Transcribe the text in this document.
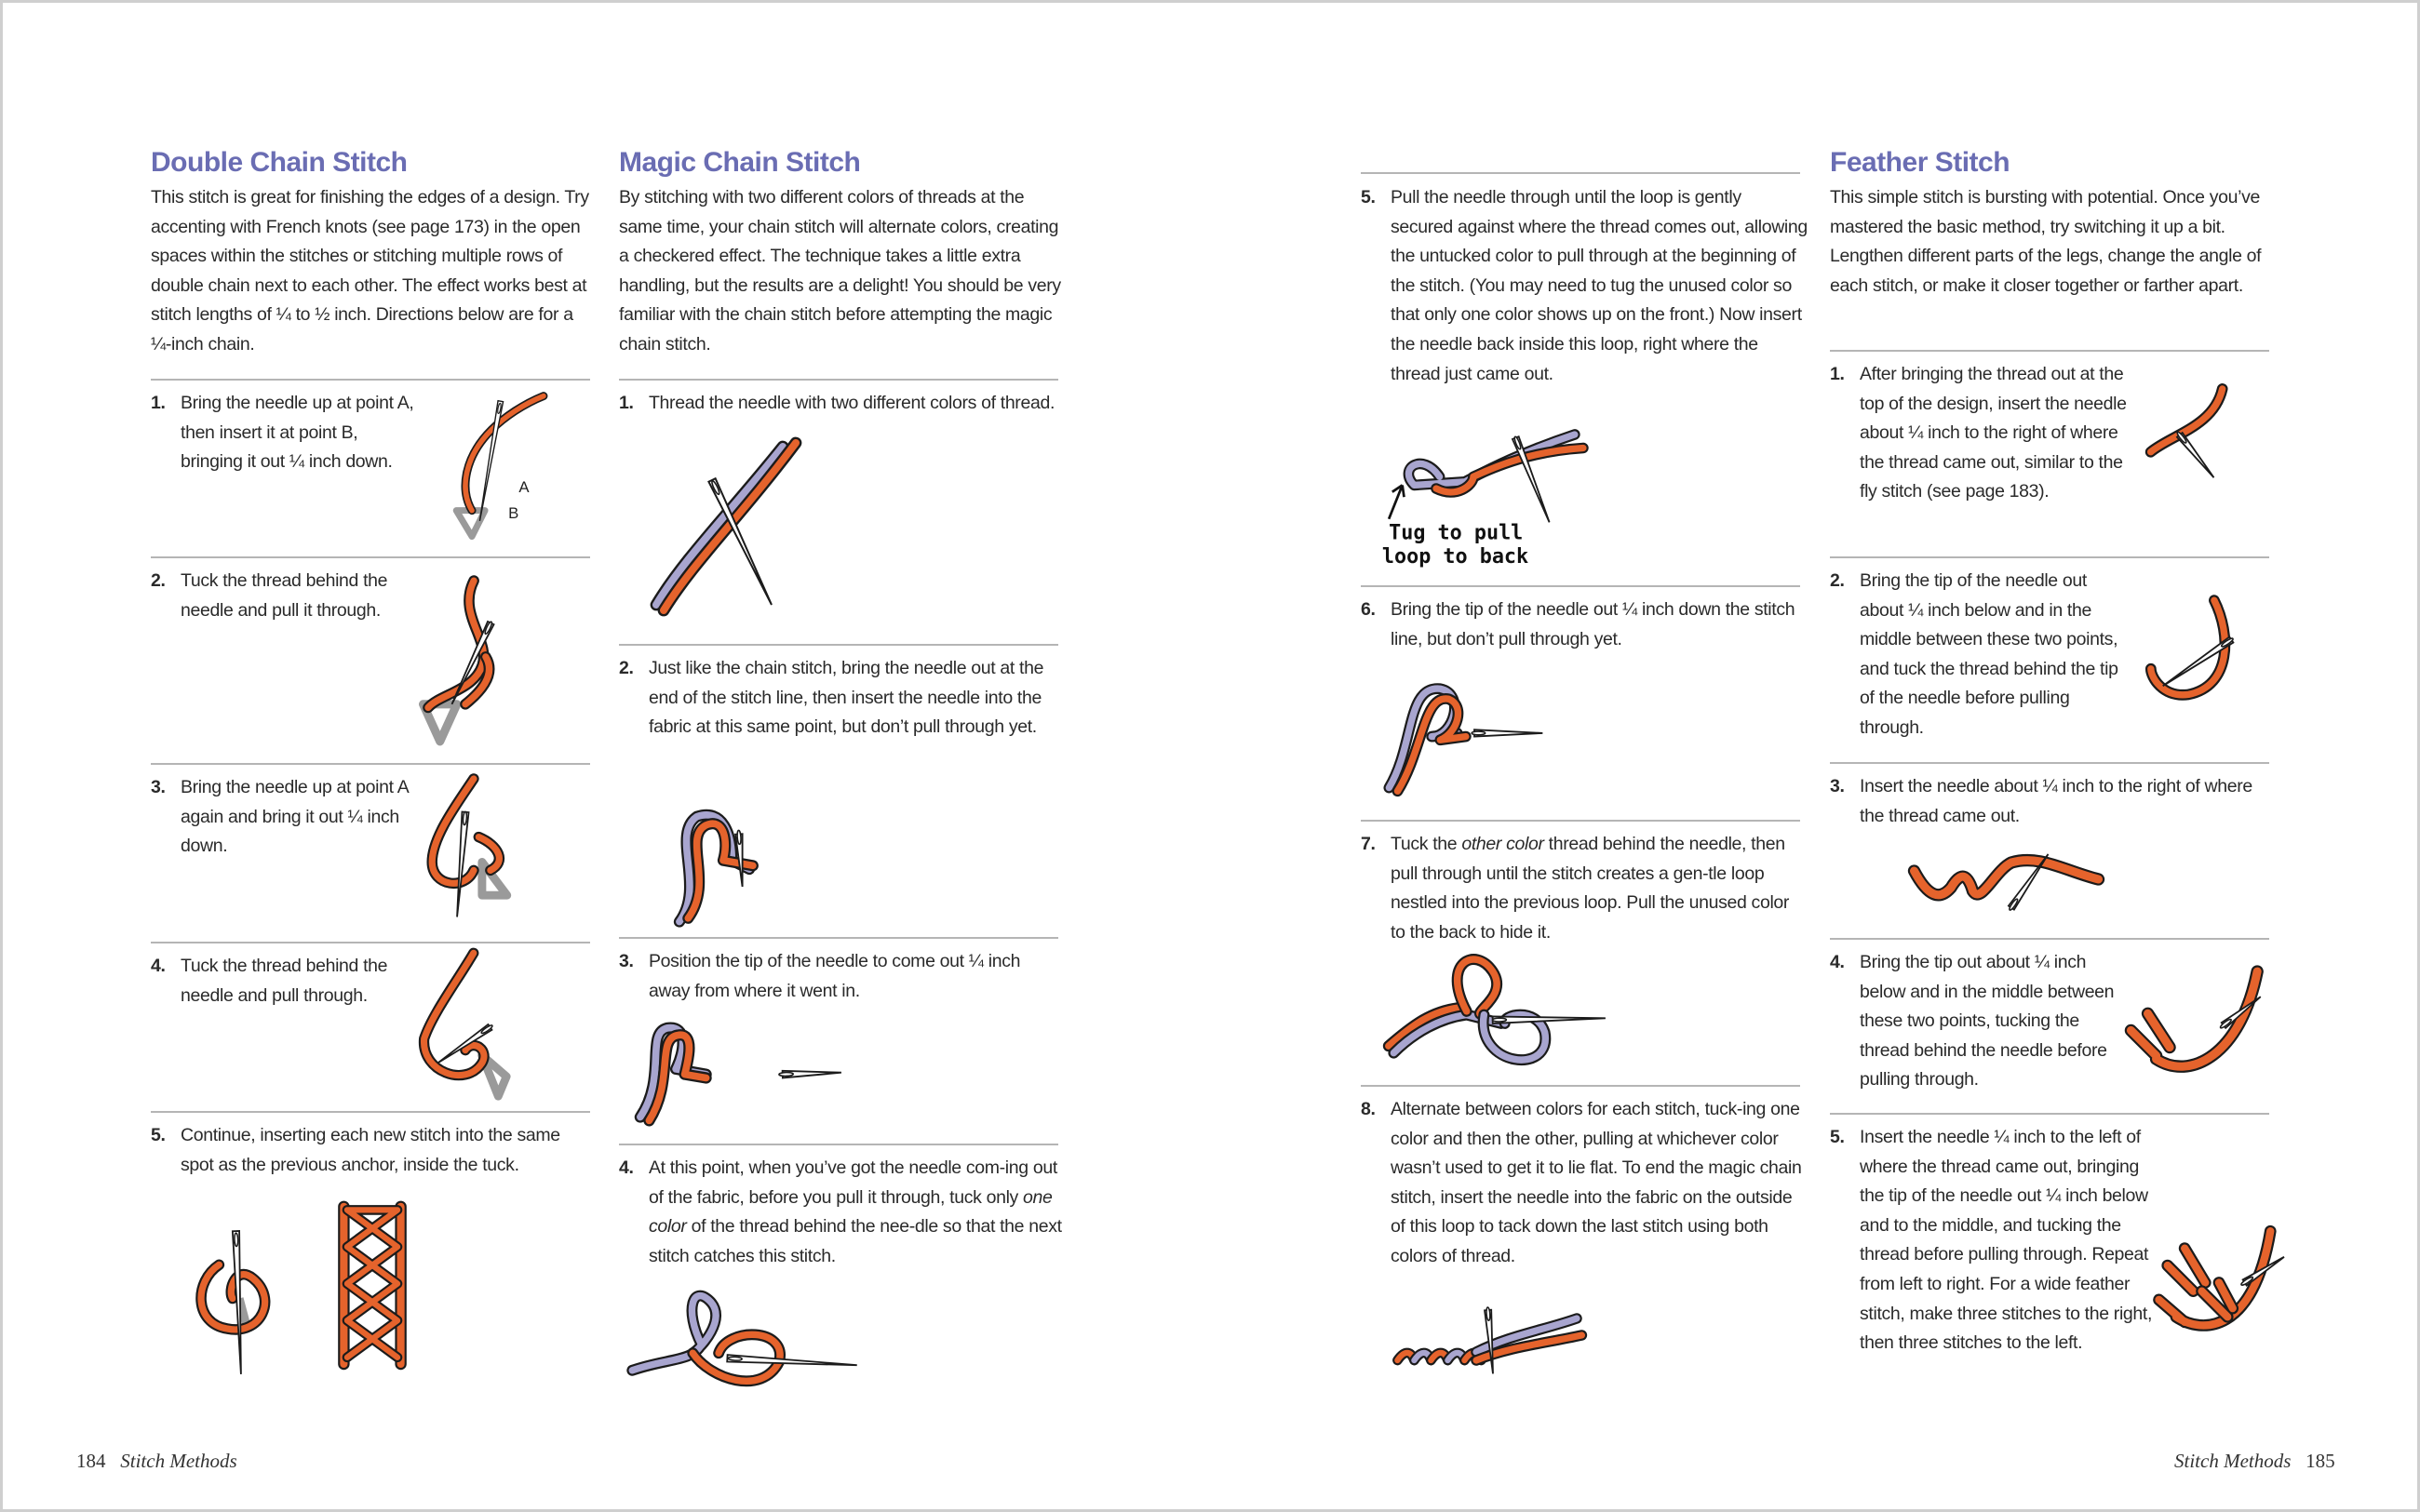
Double Chain Stitch

This stitch is great for finishing the edges of a design. Try accenting with French knots (see page 173) in the open spaces within the stitches or stitching multiple rows of double chain next to each other. The effect works best at stitch lengths of ¼ to ½ inch. Directions below are for a ¼-inch chain.

1. Bring the needle up at point A, then insert it at point B, bringing it out ¼ inch down.
A
B
2. Tuck the thread behind the needle and pull it through.
3. Bring the needle up at point A again and bring it out ¼ inch down.
4. Tuck the thread behind the needle and pull through.
5. Continue, inserting each new stitch into the same spot as the previous anchor, inside the tuck.
Magic Chain Stitch

By stitching with two different colors of threads at the same time, your chain stitch will alternate colors, creating a checkered effect. The technique takes a little extra handling, but the results are a delight! You should be very familiar with the chain stitch before attempting the magic chain stitch.

1. Thread the needle with two different colors of thread.
2. Just like the chain stitch, bring the needle out at the end of the stitch line, then insert the needle into the fabric at this same point, but don’t pull through yet.
3. Position the tip of the needle to come out ¼ inch away from where it went in.
4. At this point, when you’ve got the needle com-ing out of the fabric, before you pull it through, tuck only one color of the thread behind the nee-dle so that the next stitch catches this stitch.
184 Stitch Methods
5. Pull the needle through until the loop is gently secured against where the thread comes out, allowing the untucked color to pull through at the beginning of the stitch. (You may need to tug the unused color so that only one color shows up on the front.) Now insert the needle back inside this loop, right where the thread just came out.
Tug to pull
loop to back
6. Bring the tip of the needle out ¼ inch down the stitch line, but don’t pull through yet.
7. Tuck the other color thread behind the needle, then pull through until the stitch creates a gen-tle loop nestled into the previous loop. Pull the unused color to the back to hide it.
8. Alternate between colors for each stitch, tuck-ing one color and then the other, pulling at whichever color wasn’t used to get it to lie flat. To end the magic chain stitch, insert the needle into the fabric on the outside of this loop to tack down the last stitch using both colors of thread.
Feather Stitch

This simple stitch is bursting with potential. Once you’ve mastered the basic method, try switching it up a bit. Lengthen different parts of the legs, change the angle of each stitch, or make it closer together or farther apart.

1. After bringing the thread out at the top of the design, insert the needle about ¼ inch to the right of where the thread came out, similar to the fly stitch (see page 183).
2. Bring the tip of the needle out about ¼ inch below and in the middle between these two points, and tuck the thread behind the tip of the needle before pulling through.
3. Insert the needle about ¼ inch to the right of where the thread came out.
4. Bring the tip out about ¼ inch below and in the middle between these two points, tucking the thread behind the needle before pulling through.
5. Insert the needle ¼ inch to the left of where the thread came out, bringing the tip of the needle out ¼ inch below and to the middle, and tucking the thread before pulling through. Repeat from left to right. For a wide feather stitch, make three stitches to the right, then three stitches to the left.
Stitch Methods 185
